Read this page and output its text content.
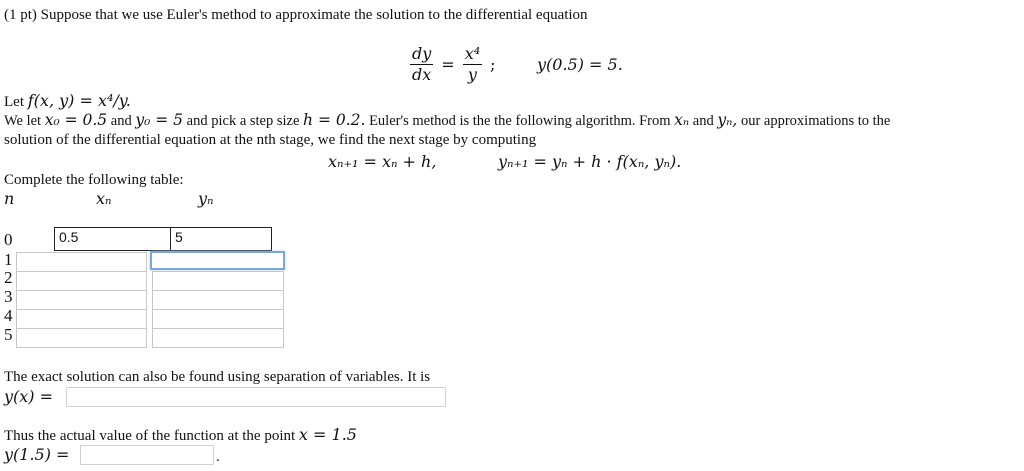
(1 pt) Suppose that we use Euler's method to approximate the solution to the differential equation
$\frac{dy}{dx} = \frac{\text{x⁴}}{y}$ ;	y(0.5) = 5.
Let f(x, y) = x⁴/y.
We let x₀ = 0.5 and y₀ = 5 and pick a step size h = 0.2. Euler's method is the the following algorithm. From xₙ and yₙ, our approximations to the
solution of the differential equation at the nth stage, we find the next stage by computing
xₙ₊₁ = xₙ + h,	yₙ₊₁ = yₙ + h · f(xₙ, yₙ).
Complete the following table:
n	xₙ	yₙ
0	0.5	5
1
2
3
4
5
The exact solution can also be found using separation of variables. It is
y(x) =
Thus the actual value of the function at the point x = 1.5
y(1.5) =	.
